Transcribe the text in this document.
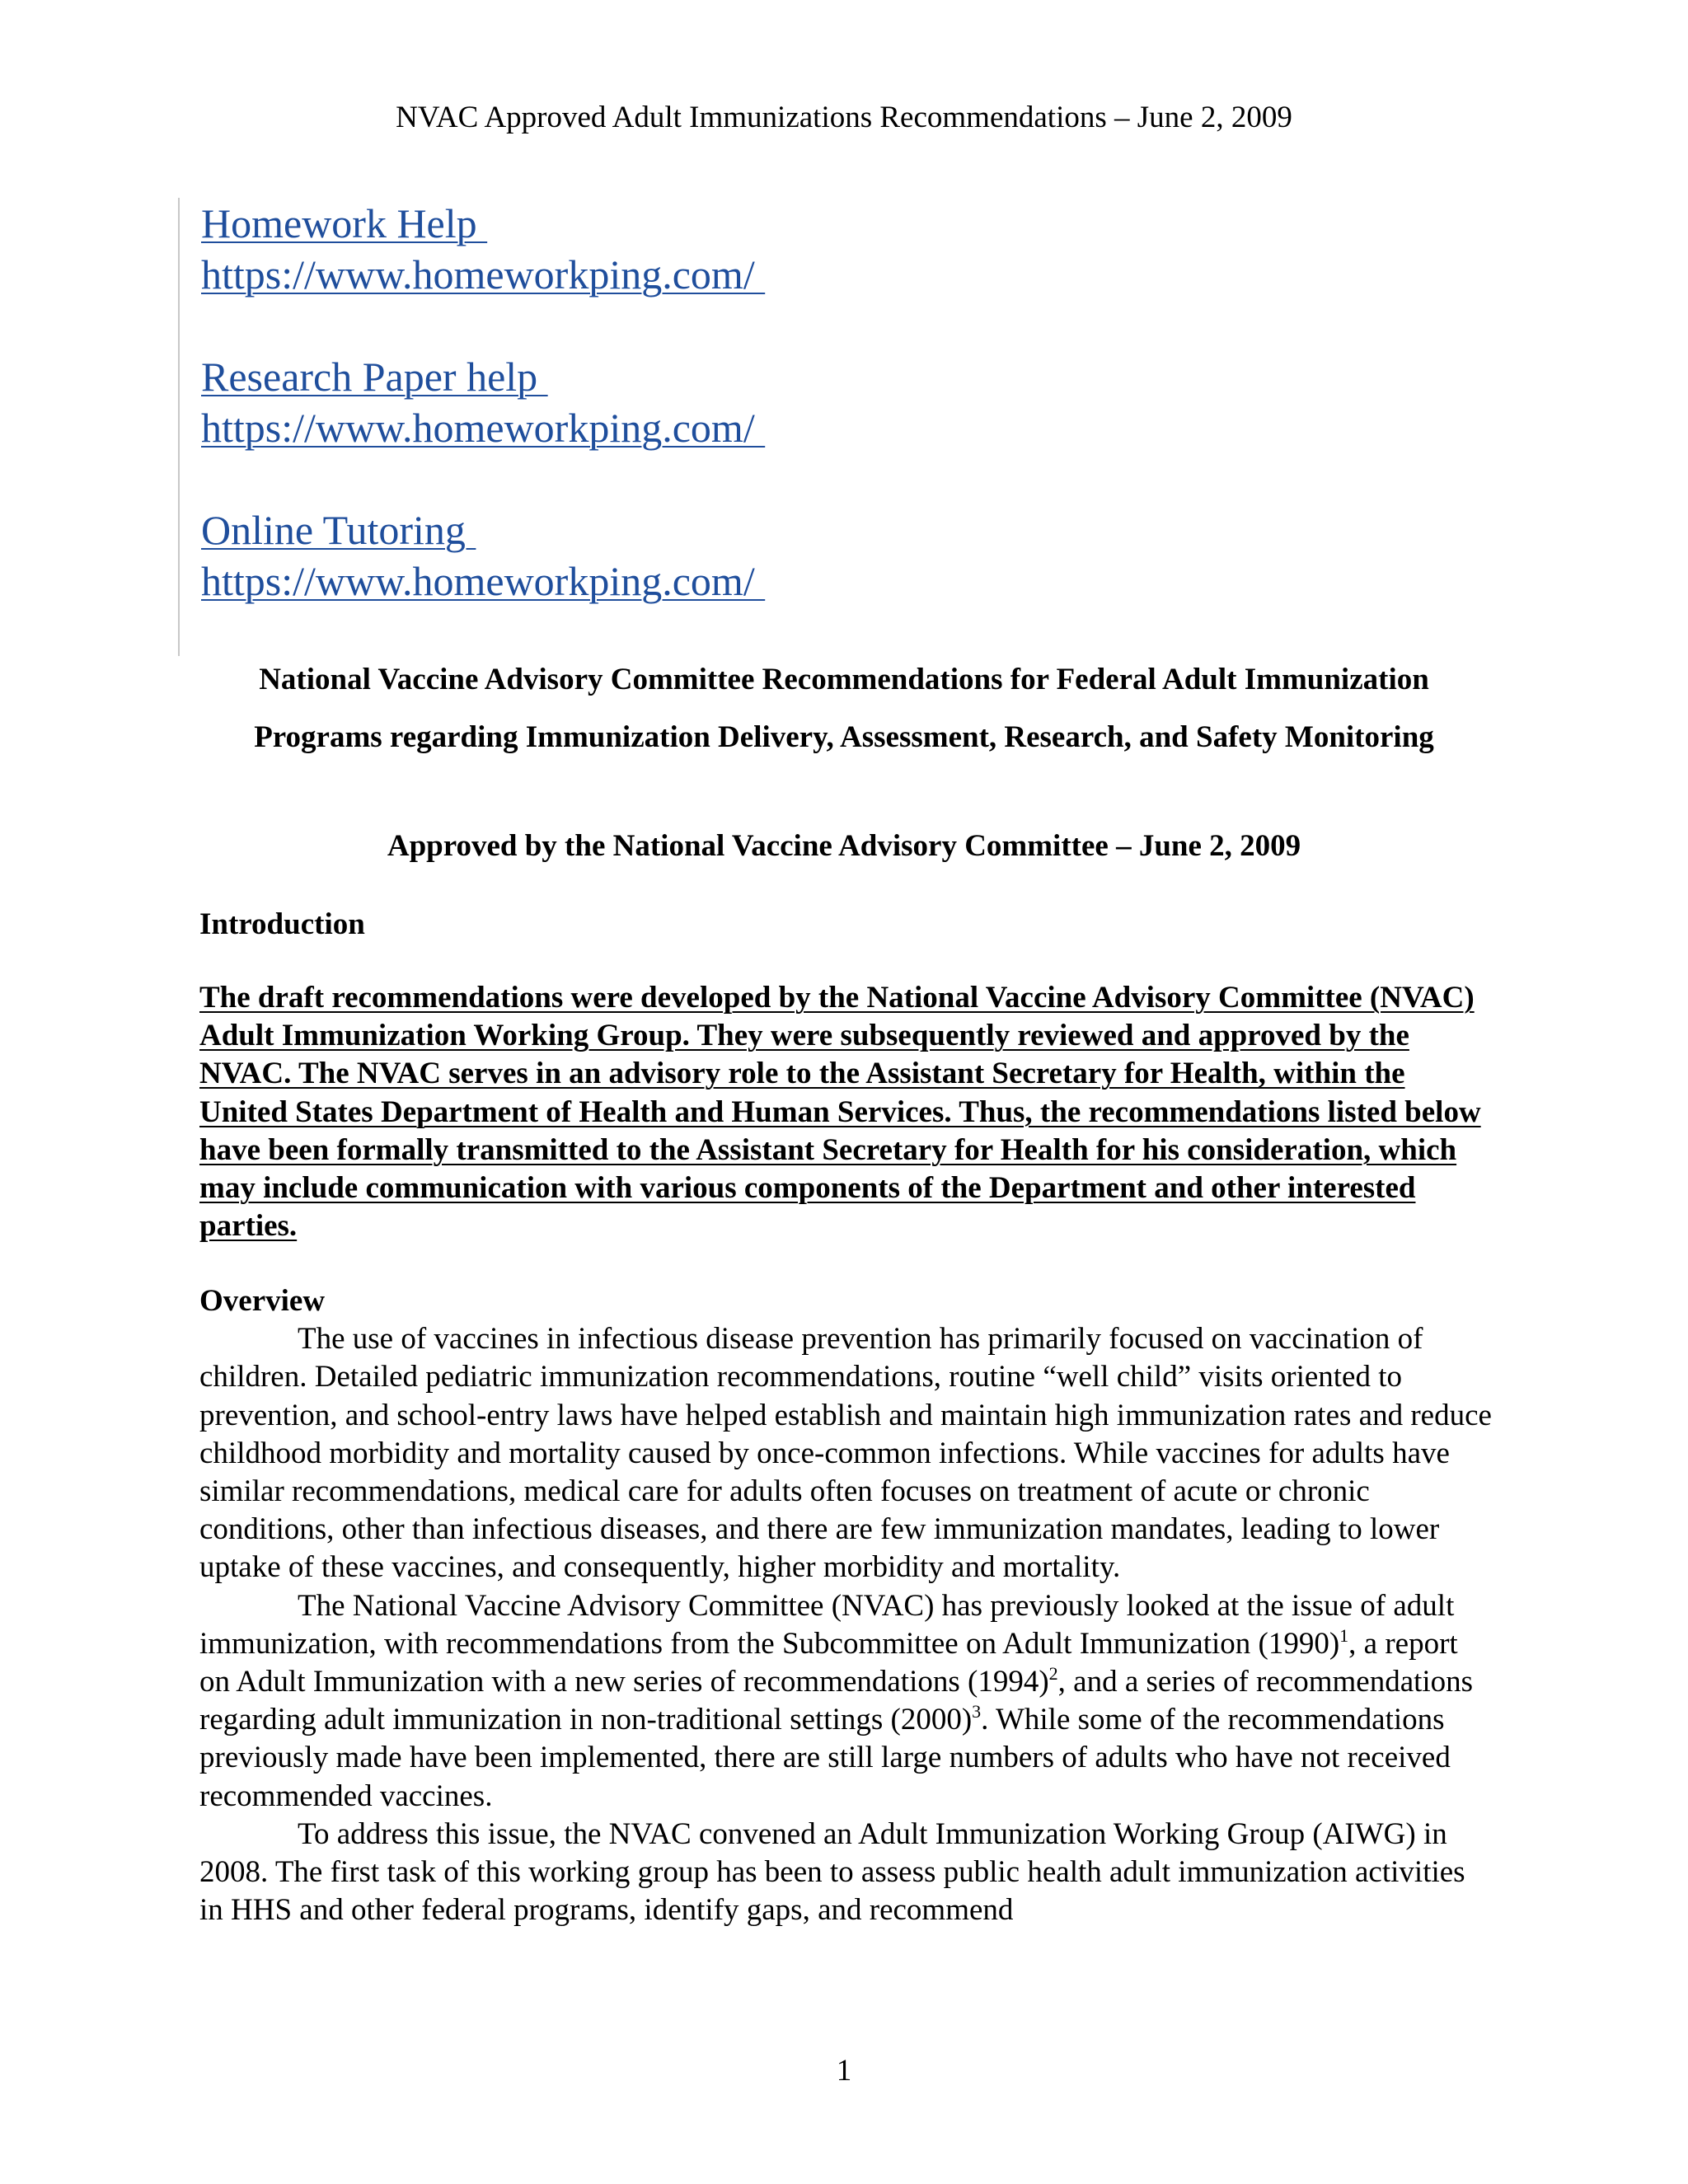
NVAC Approved Adult Immunizations Recommendations – June 2, 2009
Homework Help
https://www.homeworkping.com/
Research Paper help
https://www.homeworkping.com/
Online Tutoring
https://www.homeworkping.com/
National Vaccine Advisory Committee Recommendations for Federal Adult Immunization
Programs regarding Immunization Delivery, Assessment, Research, and Safety Monitoring
Approved by the National Vaccine Advisory Committee – June 2, 2009
Introduction
The draft recommendations were developed by the National Vaccine Advisory Committee (NVAC) Adult Immunization Working Group. They were subsequently reviewed and approved by the NVAC. The NVAC serves in an advisory role to the Assistant Secretary for Health, within the United States Department of Health and Human Services. Thus, the recommendations listed below have been formally transmitted to the Assistant Secretary for Health for his consideration, which may include communication with various components of the Department and other interested parties.
Overview

The use of vaccines in infectious disease prevention has primarily focused on vaccination of children. Detailed pediatric immunization recommendations, routine “well child” visits oriented to prevention, and school-entry laws have helped establish and maintain high immunization rates and reduce childhood morbidity and mortality caused by once-common infections. While vaccines for adults have similar recommendations, medical care for adults often focuses on treatment of acute or chronic conditions, other than infectious diseases, and there are few immunization mandates, leading to lower uptake of these vaccines, and consequently, higher morbidity and mortality.

The National Vaccine Advisory Committee (NVAC) has previously looked at the issue of adult immunization, with recommendations from the Subcommittee on Adult Immunization $(1990)^1$, a report on Adult Immunization with a new series of recommendations $(1994)^2$, and a series of recommendations regarding adult immunization in non-traditional settings $(2000)^3$. While some of the recommendations previously made have been implemented, there are still large numbers of adults who have not received recommended vaccines.

To address this issue, the NVAC convened an Adult Immunization Working Group (AIWG) in 2008. The first task of this working group has been to assess public health adult immunization activities in HHS and other federal programs, identify gaps, and recommend

1
